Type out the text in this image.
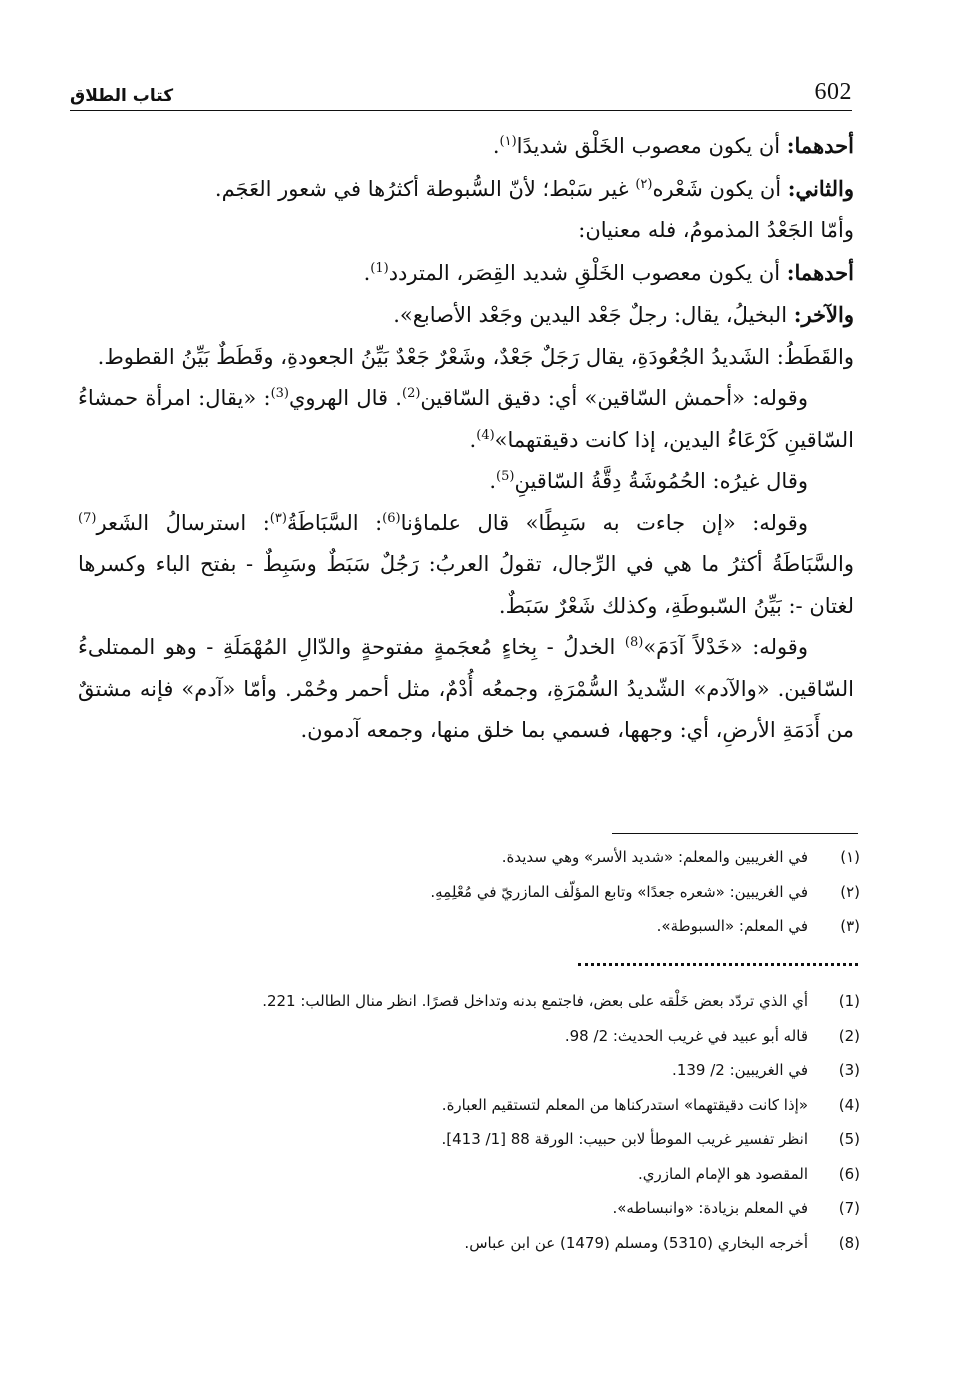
602
كتاب الطلاق

أحدهما: أن يكون معصوب الخَلْق شديدًا$^{(١)}$.

والثاني: أن يكون شَعْره$^{(٢)}$ غير سَبْط؛ لأنّ السُّبوطة أكثرُها في شعور العَجَم.

وأمّا الجَعْدُ المذمومُ، فله معنيان:

أحدهما: أن يكون معصوب الخَلْقِ شديد القِصَر، المتردد$^{(1)}$.

والآخر: البخيلُ، يقال: رجلٌ جَعْد اليدين وجَعْد الأصابع».

والقَطَطُ: الشَديدُ الجُعُودَةِ، يقال رَجَلٌ جَعْدٌ، وشَعْرٌ جَعْدٌ بَيِّنُ الجعودةِ، وقَطَطٌ بَيِّنُ القطوط.

وقوله: «أحمش السّاقين» أي: دقيق السّاقين$^{(2)}$. قال الهروي$^{(3)}$: «يقال: امرأة حمشاءُ السّاقينِ كَرْعَاءُ اليدين، إذا كانت دقيقتهما»$^{(4)}$.

وقال غيرُه: الحُمُوشَةُ دِقَّةُ السّاقينِ$^{(5)}$.

وقوله: «إن جاءت به سَبِطًا» قال علماؤنا$^{(6)}$: السَّبَاطَةُ$^{(٣)}$: استرسالُ الشَعر$^{(7)}$ والسَّبَاطَةُ أكثرُ ما هي في الرِّجال، تقولُ العربُ: رَجُلٌ سَبَطٌ وسَبِطٌ - بفتح الباء وكسرها لغتان -: بَيِّنُ السّبوطَةِ، وكذلك شَعْرٌ سَبَطٌ.

وقوله: «خَدْلاً آدَمَ»$^{(8)}$ الخدلُ - بِخاءٍ مُعجَمةٍ مفتوحةٍ والدّالِ المُهْمَلَةِ - وهو الممتلىءُ السّاقين. «والآدم» الشّديدُ السُّمْرَةِ، وجمعُه أُدْمٌ، مثل أحمر وحُمْر. وأمّا «آدم» فإنه مشتقٌ من أَدَمَةِ الأرضِ، أي: وجهها، فسمي بما خلق منها، وجمعه آدمون.

(١)
في الغريبين والمعلم: «شديد الأسر» وهي سديدة.
(٢)
في الغريبين: «شعره جعدًا» وتابع المؤلّف المازريّ في مُعْلِمِهِ.
(٣)
في المعلم: «السبوطة».
(1)
أي الذي تردّد بعض خَلْقه على بعض، فاجتمع بدنه وتداخل قصرًا. انظر منال الطالب: 221.
(2)
قاله أبو عبيد في غريب الحديث: 2/ 98.
(3)
في الغريبين: 2/ 139.
(4)
«إذا كانت دقيقتهما» استدركناها من المعلم لتستقيم العبارة.
(5)
انظر تفسير غريب الموطأ لابن حبيب: الورقة 88 [1/ 413].
(6)
المقصود هو الإمام المازري.
(7)
في المعلم بزيادة: «وانبساطه».
(8)
أخرجه البخاري (5310) ومسلم (1479) عن ابن عباس.
